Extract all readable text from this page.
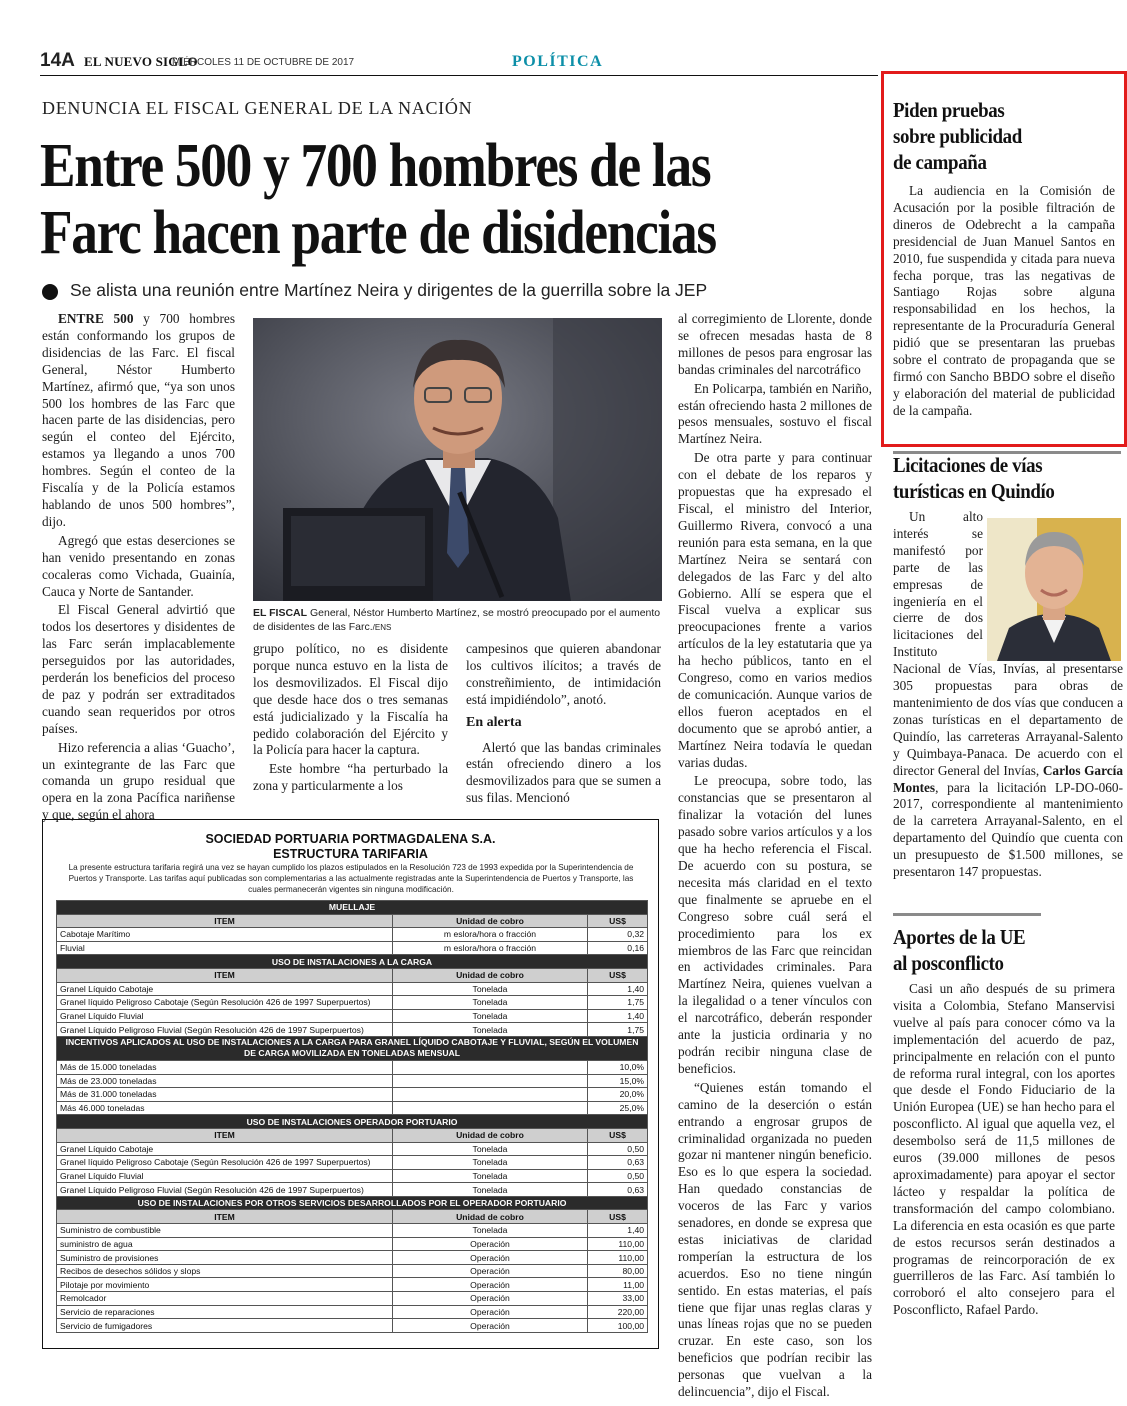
14A EL NUEVO SIGLO
MIÉRCOLES 11 DE OCTUBRE DE 2017	POLÍTICA
DENUNCIA EL FISCAL GENERAL DE LA NACIÓN
Entre 500 y 700 hombres de las
Farc hacen parte de disidencias
Se alista una reunión entre Martínez Neira y dirigentes de la guerrilla sobre la JEP

ENTRE 500 y 700 hombres están conformando los grupos de disidencias de las Farc. El fiscal General, Néstor Humberto Martínez, afirmó que, “ya son unos 500 los hombres de las Farc que hacen parte de las disidencias, pero según el conteo del Ejército, estamos ya llegando a unos 700 hombres. Según el conteo de la Fiscalía y de la Policía estamos hablando de unos 500 hombres”, dijo.

Agregó que estas deserciones se han venido presentando en zonas cocaleras como Vichada, Guainía, Cauca y Norte de Santander.

El Fiscal General advirtió que todos los desertores y disidentes de las Farc serán implacablemente perseguidos por las autoridades, perderán los beneficios del proceso de paz y podrán ser extraditados cuando sean requeridos por otros países.

Hizo referencia a alias ‘Guacho’, un exintegrante de las Farc que comanda un grupo residual que opera en la zona Pacífica nariñense y que, según el ahora

EL FISCAL General, Néstor Humberto Martínez, se mostró preocupado por el aumento de disidentes de las Farc./ENS

grupo político, no es disidente porque nunca estuvo en la lista de los desmovilizados. El Fiscal dijo que desde hace dos o tres semanas está judicializado y la Fiscalía ha pedido colaboración del Ejército y la Policía para hacer la captura.

Este hombre “ha perturbado la zona y particularmente a los

campesinos que quieren abandonar los cultivos ilícitos; a través de constreñimiento, de intimidación está impidiéndolo”, anotó.

En alerta

Alertó que las bandas criminales están ofreciendo dinero a los desmovilizados para que se sumen a sus filas. Mencionó

al corregimiento de Llorente, donde se ofrecen mesadas hasta de 8 millones de pesos para engrosar las bandas criminales del narcotráfico

En Policarpa, también en Nariño, están ofreciendo hasta 2 millones de pesos mensuales, sostuvo el fiscal Martínez Neira.

De otra parte y para continuar con el debate de los reparos y propuestas que ha expresado el Fiscal, el ministro del Interior, Guillermo Rivera, convocó a una reunión para esta semana, en la que Martínez Neira se sentará con delegados de las Farc y del alto Gobierno. Allí se espera que el Fiscal vuelva a explicar sus preocupaciones frente a varios artículos de la ley estatutaria que ya ha hecho públicos, tanto en el Congreso, como en varios medios de comunicación. Aunque varios de ellos fueron aceptados en el documento que se aprobó antier, a Martínez Neira todavía le quedan varias dudas.

Le preocupa, sobre todo, las constancias que se presentaron al finalizar la votación del lunes pasado sobre varios artículos y a los que ha hecho referencia el Fiscal. De acuerdo con su postura, se necesita más claridad en el texto que finalmente se apruebe en el Congreso sobre cuál será el procedimiento para los ex miembros de las Farc que reincidan en actividades criminales. Para Martínez Neira, quienes vuelvan a la ilegalidad o a tener vínculos con el narcotráfico, deberán responder ante la justicia ordinaria y no podrán recibir ninguna clase de beneficios.

“Quienes están tomando el camino de la deserción o están entrando a engrosar grupos de criminalidad organizada no pueden gozar ni mantener ningún beneficio. Eso es lo que espera la sociedad. Han quedado constancias de voceros de las Farc y varios senadores, en donde se expresa que estas iniciativas de claridad romperían la estructura de los acuerdos. Eso no tiene ningún sentido. En estas materias, el país tiene que fijar unas reglas claras y unas líneas rojas que no se pueden cruzar. En este caso, son los beneficios que podrían recibir las personas que vuelvan a la delincuencia”, dijo el Fiscal.

Piden pruebas
sobre publicidad
de campaña

La audiencia en la Comisión de Acusación por la posible filtración de dineros de Odebrecht a la campaña presidencial de Juan Manuel Santos en 2010, fue suspendida y citada para nueva fecha porque, tras las negativas de Santiago Rojas sobre alguna responsabilidad en los hechos, la representante de la Procuraduría General pidió que se presentaran las pruebas sobre el contrato de propaganda que se firmó con Sancho BBDO sobre el diseño y elaboración del material de publicidad de la campaña.

Licitaciones de vías
turísticas en Quindío

Un alto interés se manifestó por parte de las empresas de ingeniería en el cierre de dos licitaciones del Instituto Nacional de Vías, Invías, al presentarse 305 propuestas para obras de mantenimiento de dos vías que conducen a zonas turísticas en el departamento de Quindío, las carreteras Arrayanal-Salento y Quimbaya-Panaca. De acuerdo con el director General del Invías, Carlos García Montes, para la licitación LP-DO-060-2017, correspondiente al mantenimiento de la carretera Arrayanal-Salento, en el departamento del Quindío que cuenta con un presupuesto de $1.500 millones, se presentaron 147 propuestas.

Aportes de la UE
al posconflicto

Casi un año después de su primera visita a Colombia, Stefano Manservisi vuelve al país para conocer cómo va la implementación del acuerdo de paz, principalmente en relación con el punto de reforma rural integral, con los aportes que desde el Fondo Fiduciario de la Unión Europea (UE) se han hecho para el posconflicto. Al igual que aquella vez, el desembolso será de 11,5 millones de euros (39.000 millones de pesos aproximadamente) para apoyar el sector lácteo y respaldar la política de transformación del campo colombiano. La diferencia en esta ocasión es que parte de estos recursos serán destinados a programas de reincorporación de ex guerrilleros de las Farc. Así también lo corroboró el alto consejero para el Posconflicto, Rafael Pardo.

SOCIEDAD PORTUARIA PORTMAGDALENA S.A.
ESTRUCTURA TARIFARIA
La presente estructura tarifaria regirá una vez se hayan cumplido los plazos estipulados en la Resolución 723 de 1993 expedida por la Superintendencia de Puertos y Transporte. Las tarifas aquí publicadas son complementarias a las actualmente registradas ante la Superintendencia de Puertos y Transporte, las cuales permanecerán vigentes sin ninguna modificación.
MUELLAJE		
ITEM	Unidad de cobro	US$
Cabotaje Marítimo	m eslora/hora o fracción	0,32
Fluvial	m eslora/hora o fracción	0,16
USO DE INSTALACIONES A LA CARGA		
ITEM	Unidad de cobro	US$
Granel Líquido Cabotaje	Tonelada	1,40
Granel líquido Peligroso Cabotaje (Según Resolución 426 de 1997 Superpuertos)	Tonelada	1,75
Granel Líquido Fluvial	Tonelada	1,40
Granel Líquido Peligroso Fluvial (Según Resolución 426 de 1997 Superpuertos)	Tonelada	1,75
INCENTIVOS APLICADOS AL USO DE INSTALACIONES A LA CARGA PARA GRANEL LÍQUIDO CABOTAJE Y FLUVIAL, SEGÚN EL VOLUMEN DE CARGA MOVILIZADA EN TONELADAS MENSUAL		
Más de 15.000 toneladas		10,0%
Más de 23.000 toneladas		15,0%
Más de 31.000 toneladas		20,0%
Más 46.000 toneladas		25,0%
USO DE INSTALACIONES OPERADOR PORTUARIO		
ITEM	Unidad de cobro	US$
Granel Líquido Cabotaje	Tonelada	0,50
Granel líquido Peligroso Cabotaje (Según Resolución 426 de 1997 Superpuertos)	Tonelada	0,63
Granel Líquido Fluvial	Tonelada	0,50
Granel Líquido Peligroso Fluvial (Según Resolución 426 de 1997 Superpuertos)	Tonelada	0,63
USO DE INSTALACIONES POR OTROS SERVICIOS DESARROLLADOS POR EL OPERADOR PORTUARIO		
ITEM	Unidad de cobro	US$
Suministro de combustible	Tonelada	1,40
suministro de agua	Operación	110,00
Suministro de provisiones	Operación	110,00
Recibos de desechos sólidos y slops	Operación	80,00
Pilotaje por movimiento	Operación	11,00
Remolcador	Operación	33,00
Servicio de reparaciones	Operación	220,00
Servicio de fumigadores	Operación	100,00
